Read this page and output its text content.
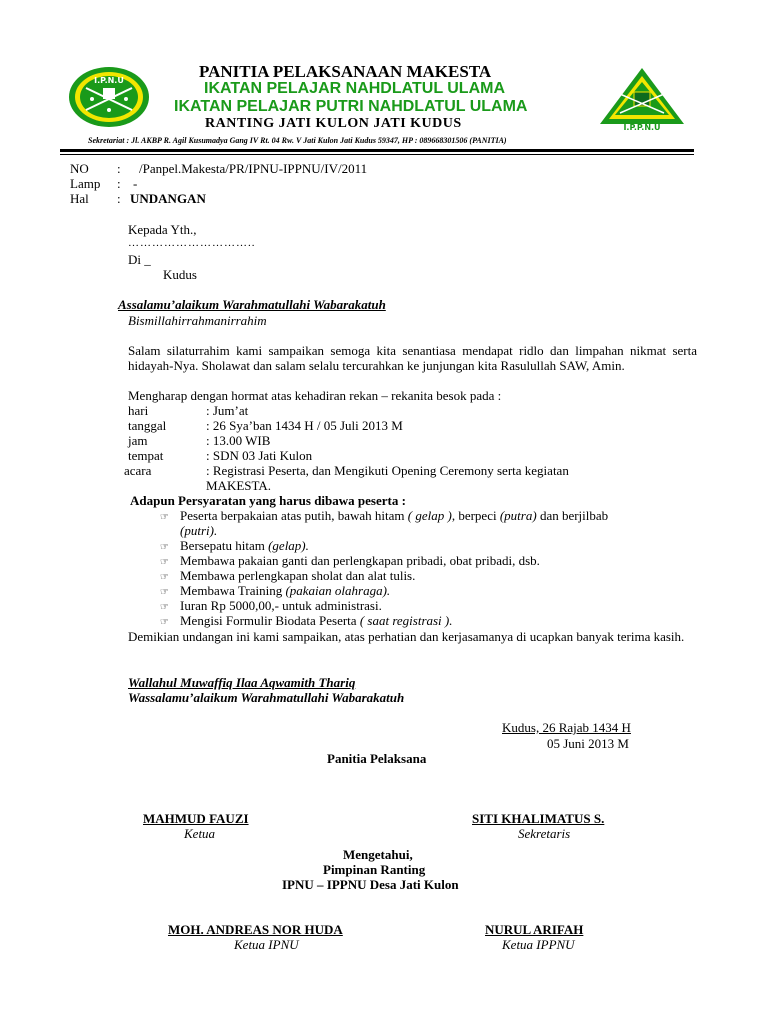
I.P.N.U
I.P.P.N.U
PANITIA PELAKSANAAN MAKESTA
IKATAN PELAJAR NAHDLATUL ULAMA
IKATAN PELAJAR PUTRI NAHDLATUL ULAMA
RANTING JATI KULON JATI KUDUS
Sekretariat : Jl. AKBP R. Agil Kusumadya Gang IV Rt. 04 Rw. V Jati Kulon Jati Kudus 59347, HP : 089668301506 (PANITIA)
NO : /Panpel.Makesta/PR/IPNU-IPPNU/IV/2011
Lamp : -
Hal : UNDANGAN
Kepada Yth.,
…………………………..
Di _
Kudus
Assalamu’alaikum Warahmatullahi Wabarakatuh
Bismillahirrahmanirrahim
Salam silaturrahim kami sampaikan semoga kita senantiasa mendapat ridlo dan limpahan nikmat serta hidayah-Nya. Sholawat dan salam selalu tercurahkan ke junjungan kita Rasulullah SAW, Amin.
Mengharap dengan hormat atas kehadiran rekan – rekanita besok pada :
hari	: Jum’at
tanggal	: 26 Sya’ban 1434 H / 05 Juli 2013 M
jam	: 13.00 WIB
tempat	: SDN 03 Jati Kulon
acara	: Registrasi Peserta, dan Mengikuti Opening Ceremony serta kegiatan
MAKESTA.
Adapun Persyaratan yang harus dibawa peserta :
☞ Peserta berpakaian atas putih, bawah hitam ( gelap ), berpeci (putra) dan berjilbab
(putri).
☞ Bersepatu hitam (gelap).
☞ Membawa pakaian ganti dan perlengkapan pribadi, obat pribadi, dsb.
☞ Membawa perlengkapan sholat dan alat tulis.
☞ Membawa Training (pakaian olahraga).
☞ Iuran Rp 5000,00,- untuk administrasi.
☞ Mengisi Formulir Biodata Peserta ( saat registrasi ).
Demikian undangan ini kami sampaikan, atas perhatian dan kerjasamanya di ucapkan banyak terima kasih.
Wallahul Muwaffiq Ilaa Aqwamith Thariq
Wassalamu’alaikum Warahmatullahi Wabarakatuh
Kudus, 26 Rajab 1434 H
05 Juni 2013 M
Panitia Pelaksana
MAHMUD FAUZI
Ketua
SITI KHALIMATUS S.
Sekretaris
Mengetahui,
Pimpinan Ranting
IPNU – IPPNU Desa Jati Kulon
MOH. ANDREAS NOR HUDA
Ketua IPNU
NURUL ARIFAH
Ketua IPPNU
